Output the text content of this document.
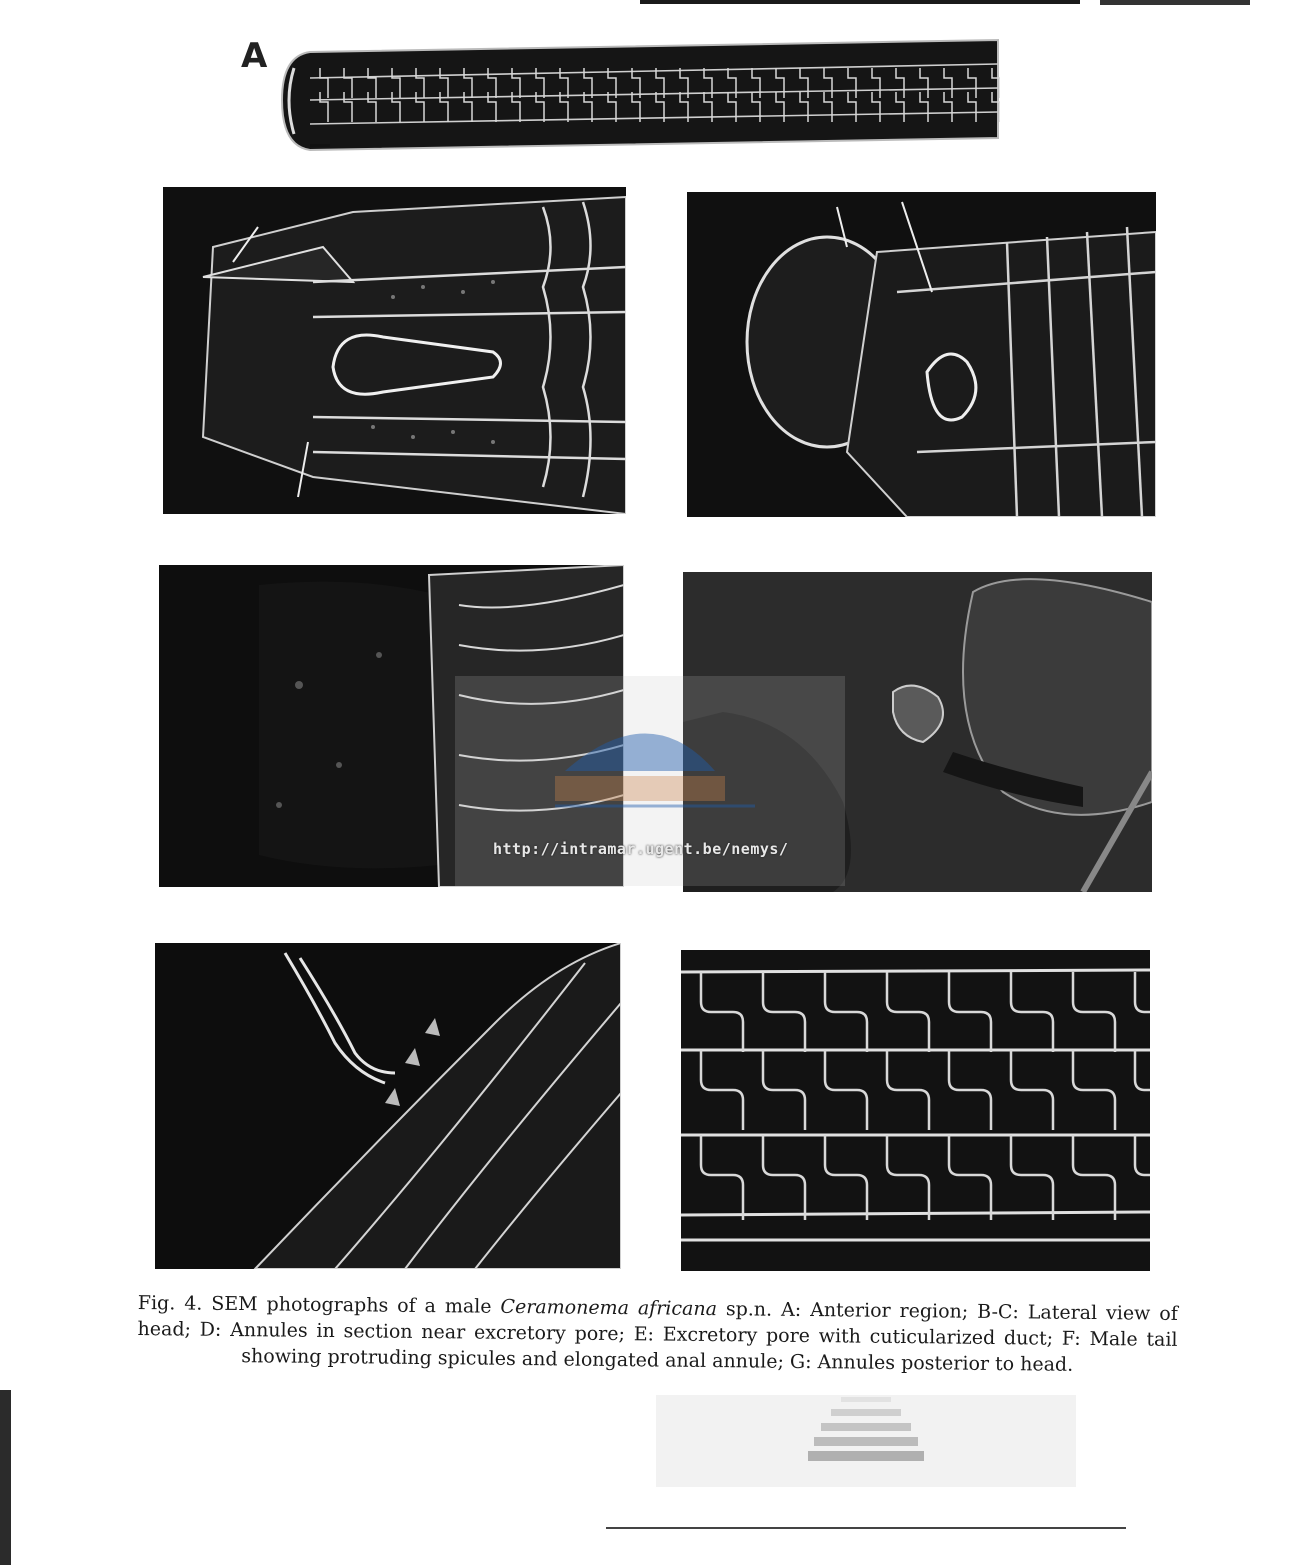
A
http://intramar.ugent.be/nemys/
Fig. 4. SEM photographs of a male Ceramonema africana sp.n. A: Anterior region; B-C: Lateral view of head; D: Annules in section near excretory pore; E: Excretory pore with cuticularized duct; F: Male tail showing protruding spicules and elongated anal annule; G: Annules posterior to head.
